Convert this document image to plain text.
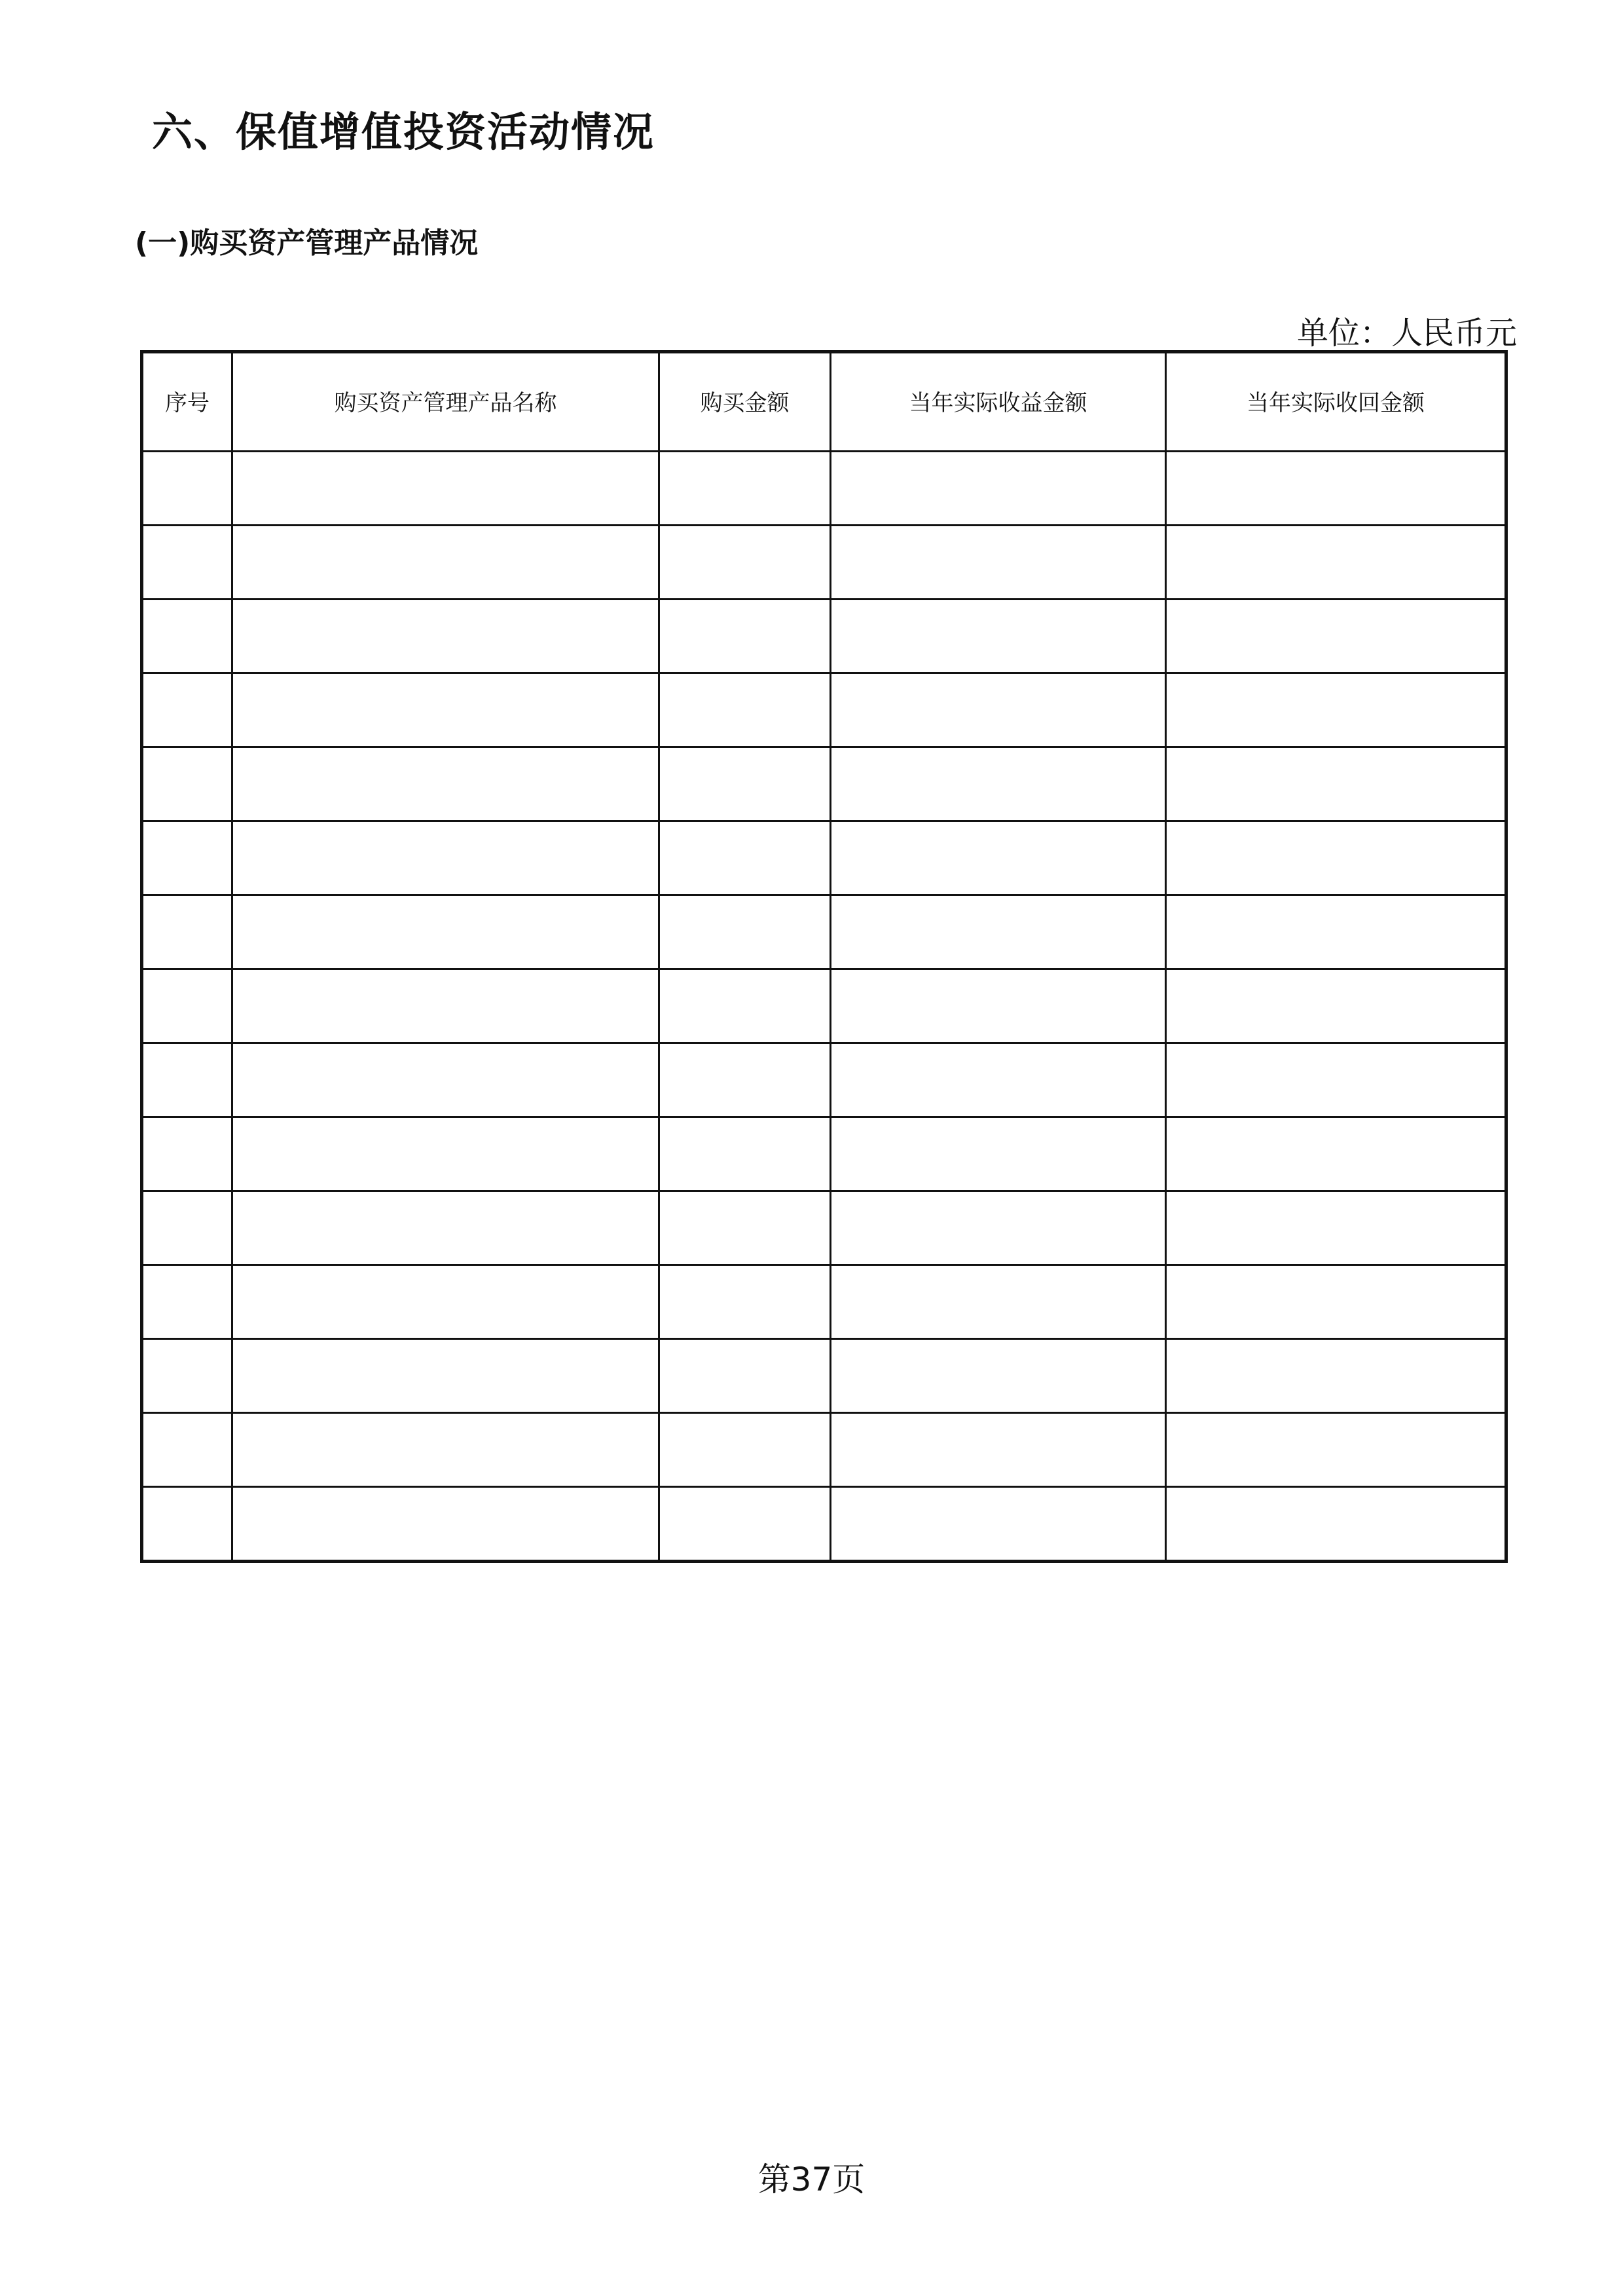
六、保值增值投资活动情况
(一)购买资产管理产品情况

单位：人民币元

序号	购买资产管理产品名称	购买金额	当年实际收益金额	当年实际收回金额

第37页
